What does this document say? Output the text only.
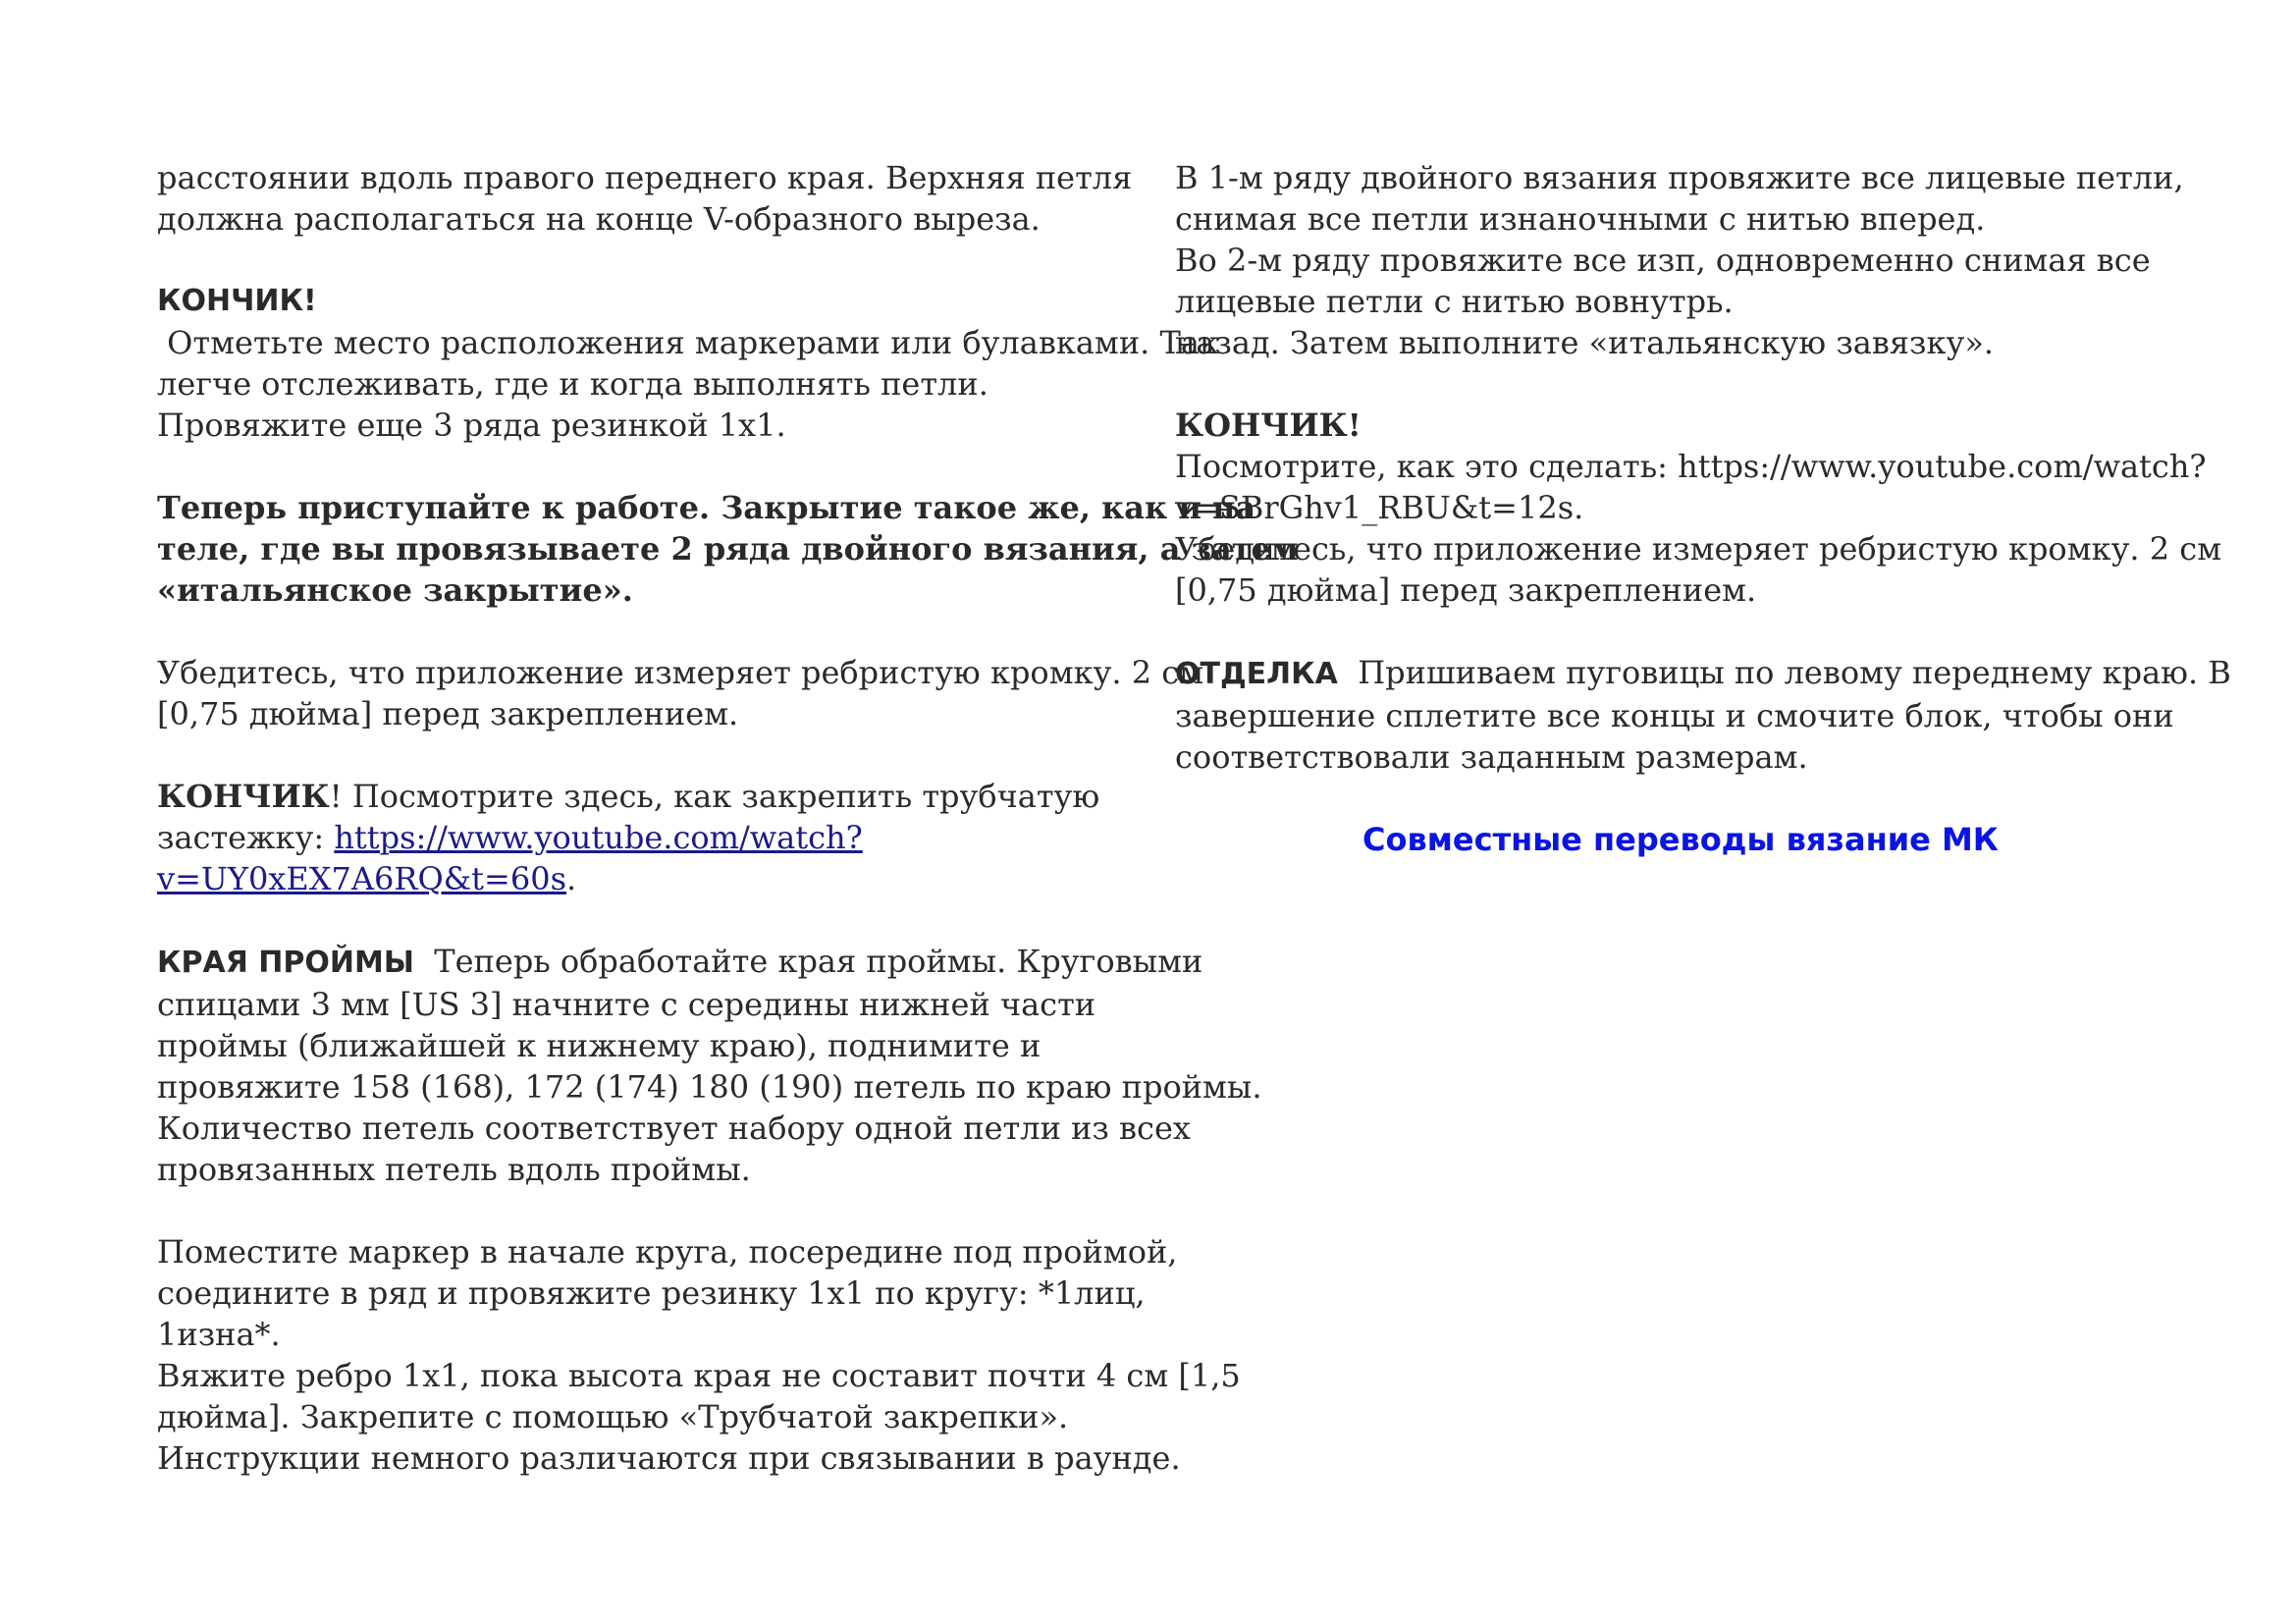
расстоянии вдоль правого переднего края. Верхняя петля
должна располагаться на конце V-образного выреза.
КОНЧИК!
Отметьте место расположения маркерами или булавками. Так
легче отслеживать, где и когда выполнять петли.
Провяжите еще 3 ряда резинкой 1x1.
Теперь приступайте к работе. Закрытие такое же, как и на
теле, где вы провязываете 2 ряда двойного вязания, а затем
«итальянское закрытие».
Убедитесь, что приложение измеряет ребристую кромку. 2 см
[0,75 дюйма] перед закреплением.
КОНЧИК! Посмотрите здесь, как закрепить трубчатую
застежку: https://www.youtube.com/watch?
v=UY0xEX7A6RQ&t=60s.
КРАЯ ПРОЙМЫ  Теперь обработайте края проймы. Круговыми
спицами 3 мм [US 3] начните с середины нижней части
проймы (ближайшей к нижнему краю), поднимите и
провяжите 158 (168), 172 (174) 180 (190) петель по краю проймы.
Количество петель соответствует набору одной петли из всех
провязанных петель вдоль проймы.
Поместите маркер в начале круга, посередине под проймой,
соедините в ряд и провяжите резинку 1x1 по кругу: *1лиц,
1изна*.
Вяжите ребро 1x1, пока высота края не составит почти 4 см [1,5
дюйма]. Закрепите с помощью «Трубчатой закрепки».
Инструкции немного различаются при связывании в раунде.
В 1-м ряду двойного вязания провяжите все лицевые петли,
снимая все петли изнаночными с нитью вперед.
Во 2-м ряду провяжите все изп, одновременно снимая все
лицевые петли с нитью вовнутрь.
назад. Затем выполните «итальянскую завязку».
КОНЧИК!
Посмотрите, как это сделать: https://www.youtube.com/watch?
v=SBrGhv1_RBU&t=12s.
Убедитесь, что приложение измеряет ребристую кромку. 2 см
[0,75 дюйма] перед закреплением.
ОТДЕЛКА  Пришиваем пуговицы по левому переднему краю. В
завершение сплетите все концы и смочите блок, чтобы они
соответствовали заданным размерам.
Совместные переводы вязание МК
